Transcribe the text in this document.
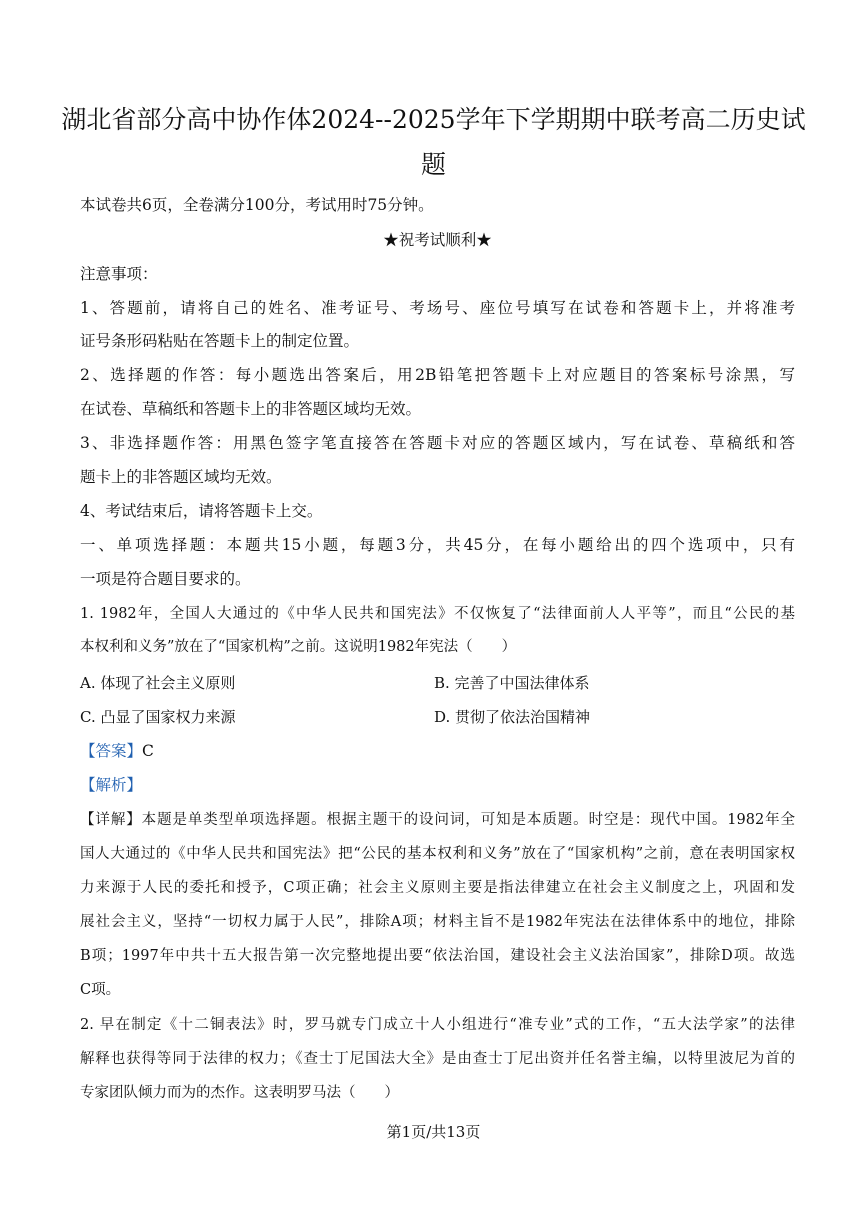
湖北省部分高中协作体2024--2025学年下学期期中联考高二历史试
题
本试卷共6页，全卷满分100分，考试用时75分钟。
★祝考试顺利★
注意事项：
1、答题前，请将自己的姓名、准考证号、考场号、座位号填写在试卷和答题卡上，并将准考
证号条形码粘贴在答题卡上的制定位置。
2、选择题的作答：每小题选出答案后，用2B铅笔把答题卡上对应题目的答案标号涂黑，写
在试卷、草稿纸和答题卡上的非答题区域均无效。
3、非选择题作答：用黑色签字笔直接答在答题卡对应的答题区域内，写在试卷、草稿纸和答
题卡上的非答题区域均无效。
4、考试结束后，请将答题卡上交。
一、单项选择题：本题共15小题，每题3分，共45分，在每小题给出的四个选项中，只有
一项是符合题目要求的。
1. 1982年，全国人大通过的《中华人民共和国宪法》不仅恢复了“法律面前人人平等”，而且“公民的基
本权利和义务”放在了“国家机构”之前。这说明1982年宪法（　　）
A. 体现了社会主义原则	B. 完善了中国法律体系
C. 凸显了国家权力来源	D. 贯彻了依法治国精神
【答案】C
【解析】
【详解】本题是单类型单项选择题。根据主题干的设问词，可知是本质题。时空是：现代中国。1982年全
国人大通过的《中华人民共和国宪法》把“公民的基本权利和义务”放在了“国家机构”之前，意在表明国家权
力来源于人民的委托和授予，C项正确；社会主义原则主要是指法律建立在社会主义制度之上，巩固和发
展社会主义，坚持“一切权力属于人民”，排除A项；材料主旨不是1982年宪法在法律体系中的地位，排除
B项；1997年中共十五大报告第一次完整地提出要“依法治国，建设社会主义法治国家”，排除D项。故选
C项。
2. 早在制定《十二铜表法》时，罗马就专门成立十人小组进行“准专业”式的工作，“五大法学家”的法律
解释也获得等同于法律的权力；《查士丁尼国法大全》是由查士丁尼出资并任名誉主编，以特里波尼为首的
专家团队倾力而为的杰作。这表明罗马法（　　）
第1页/共13页
